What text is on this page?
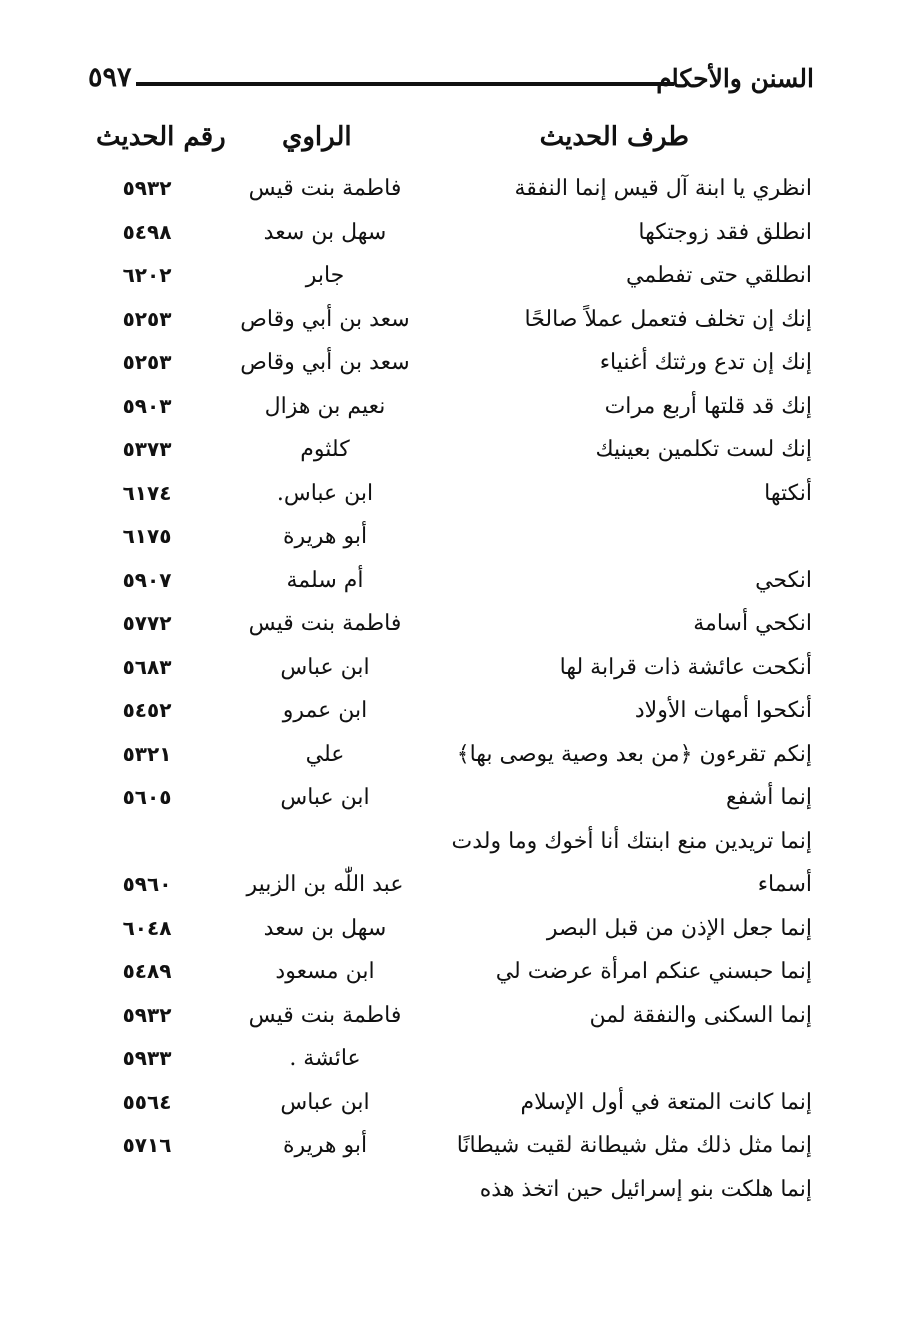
السنن والأحكام
٥٩٧
طرف الحديث
الراوي
رقم الحديث
انظري يا ابنة آل قيس إنما النفقة
فاطمة بنت قيس
٥٩٣٢
انطلق فقد زوجتكها
سهل بن سعد
٥٤٩٨
انطلقي حتى تفطمي
جابر
٦٢٠٢
إنك إن تخلف فتعمل عملاً صالحًا
سعد بن أبي وقاص
٥٢٥٣
إنك إن تدع ورثتك أغنياء
سعد بن أبي وقاص
٥٢٥٣
إنك قد قلتها أربع مرات
نعيم بن هزال
٥٩٠٣
إنك لست تكلمين بعينيك
كلثوم
٥٣٧٣
أنكتها
ابن عباس.
٦١٧٤
أبو هريرة
٦١٧٥
انكحي
أم سلمة
٥٩٠٧
انكحي أسامة
فاطمة بنت قيس
٥٧٧٢
أنكحت عائشة ذات قرابة لها
ابن عباس
٥٦٨٣
أنكحوا أمهات الأولاد
ابن عمرو
٥٤٥٢
إنكم تقرءون ﴿من بعد وصية يوصى بها﴾
علي
٥٣٢١
إنما أشفع
ابن عباس
٥٦٠٥
إنما تريدين منع ابنتك أنا أخوك وما ولدت
أسماء
عبد اللّٰه بن الزبير
٥٩٦٠
إنما جعل الإذن من قبل البصر
سهل بن سعد
٦٠٤٨
إنما حبسني عنكم امرأة عرضت لي
ابن مسعود
٥٤٨٩
إنما السكنى والنفقة لمن
فاطمة بنت قيس
٥٩٣٢
عائشة .
٥٩٣٣
إنما كانت المتعة في أول الإسلام
ابن عباس
٥٥٦٤
إنما مثل ذلك مثل شيطانة لقيت شيطانًا
أبو هريرة
٥٧١٦
إنما هلكت بنو إسرائيل حين اتخذ هذه
